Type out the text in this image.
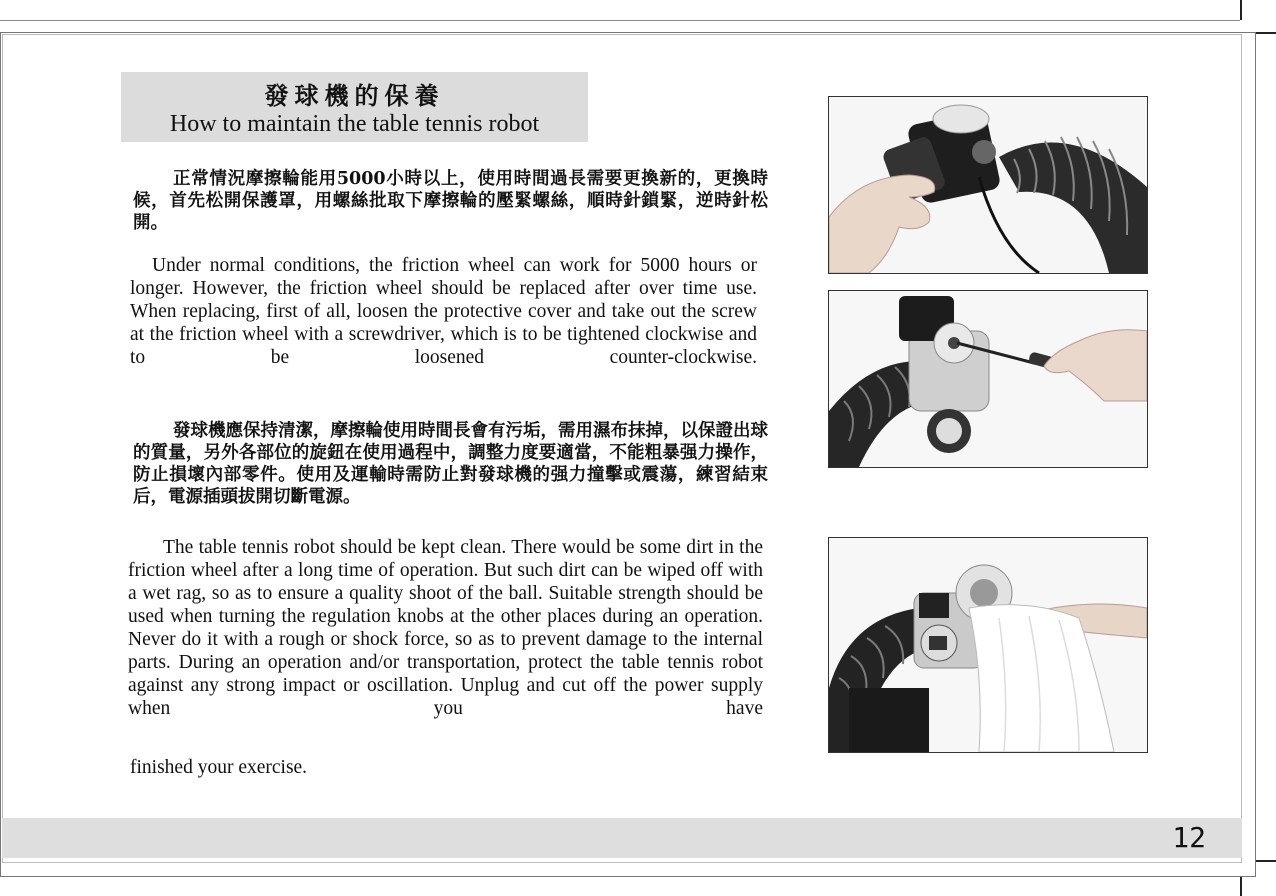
12
發球機的保養
How to maintain the table tennis robot

正常情況摩擦輪能用5000小時以上，使用時間過長需要更換新的，更換時候，首先松開保護罩，用螺絲批取下摩擦輪的壓緊螺絲，順時針鎖緊，逆時針松開。

Under normal conditions, the friction wheel can work for 5000 hours or longer. However, the friction wheel should be replaced after over time use. When replacing, first of all, loosen the protective cover and take out the screw at the friction wheel with a screwdriver, which is to be tightened clockwise and to be loosened counter-clockwise.

發球機應保持清潔，摩擦輪使用時間長會有污垢，需用濕布抹掉，以保證出球的質量，另外各部位的旋鈕在使用過程中，調整力度要適當，不能粗暴强力操作，防止損壞內部零件。使用及運輸時需防止對發球機的强力撞擊或震蕩，練習結束后，電源插頭拔開切斷電源。

The table tennis robot should be kept clean. There would be some dirt in the friction wheel after a long time of operation. But such dirt can be wiped off with a wet rag, so as to ensure a quality shoot of the ball. Suitable strength should be used when turning the regulation knobs at the other places during an operation. Never do it with a rough or shock force, so as to prevent damage to the internal parts. During an operation and/or transportation, protect the table tennis robot against any strong impact or oscillation. Unplug and cut off the power supply when you have

finished your exercise.
